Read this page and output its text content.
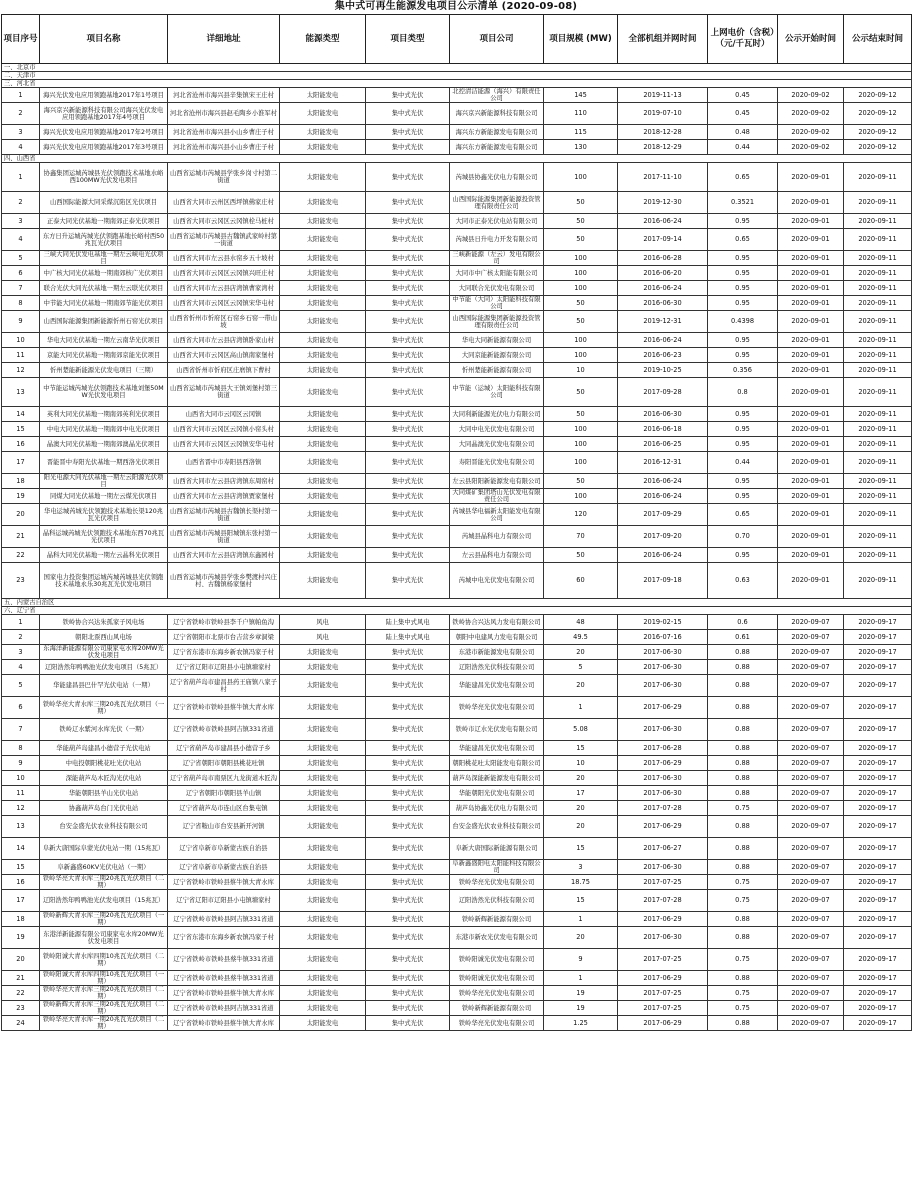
集中式可再生能源发电项目公示清单 (2020-09-08)
项目序号	项目名称	详细地址	能源类型	项目类型	项目公司	项目规模 (MW)	全部机组并网时间	上网电价（含税）（元/千瓦时）	公示开始时间	公示结束时间
一、北京市										
二、天津市										
三、河北省										
1	海兴光伏发电应用领跑基地2017年1号项目	河北省沧州市海兴县辛集镇宋王庄村	太阳能发电	集中式光伏	北控清洁能源（海兴）有限责任公司	145	2019-11-13	0.45	2020-09-02	2020-09-12
2	海兴京兴新能源科技有限公司海兴光伏发电应用领跑基地2017年4号项目	河北省沧州市海兴县赵毛陶乡小淮军村	太阳能发电	集中式光伏	海兴京兴新能源科技有限公司	110	2019-07-10	0.45	2020-09-02	2020-09-12
3	海兴光伏发电应用领跑基地2017年2号项目	河北省沧州市海兴县小山乡曹庄子村	太阳能发电	集中式光伏	海兴东方新能源发电有限公司	115	2018-12-28	0.48	2020-09-02	2020-09-12
4	海兴光伏发电应用领跑基地2017年3号项目	河北省沧州市海兴县小山乡曹庄子村	太阳能发电	集中式光伏	海兴东方新能源发电有限公司	130	2018-12-29	0.44	2020-09-02	2020-09-12
四、山西省										
1	协鑫集团运城芮城县光伏领跑技术基地水峪西100MW光伏发电项目	山西省运城市芮城县学张乡岗寸村第二街道	太阳能发电	集中式光伏	芮城县协鑫光伏电力有限公司	100	2017-11-10	0.65	2020-09-01	2020-09-11
2	山西国际能源大同采煤沉陷区光伏项目	山西省大同市云州区西坪镇佛家庄村	太阳能发电	集中式光伏	山西国际能源集团新能源投资管理有限责任公司	50	2019-12-30	0.3521	2020-09-01	2020-09-11
3	正泰大同光伏基地一期南郊正泰光伏项目	山西省大同市云冈区云冈镇栓马桩村	太阳能发电	集中式光伏	大同市正泰光伏电站有限公司	50	2016-06-24	0.95	2020-09-01	2020-09-11
4	东方日升运城芮城光伏领跑基地长峪村西50兆瓦光伏项目	山西省运城市芮城县古魏镇武家岭村第一街道	太阳能发电	集中式光伏	芮城县日升电力开发有限公司	50	2017-09-14	0.65	2020-09-01	2020-09-11
5	三峡大同光伏发电基地一期左云峡电光伏项目	山西省大同市左云县水窑乡五十坡村	太阳能发电	集中式光伏	三峡新能源（左云）发电有限公司	100	2016-06-28	0.95	2020-09-01	2020-09-11
6	中广核大同光伏基地一期南郊核广光伏项目	山西省大同市云冈区云冈镇兴旺庄村	太阳能发电	集中式光伏	大同市中广核太阳能有限公司	100	2016-06-20	0.95	2020-09-01	2020-09-11
7	联合光伏大同光伏基地一期左云联光伏项目	山西省大同市左云县店湾镇曹家湾村	太阳能发电	集中式光伏	大同联合光伏发电有限公司	100	2016-06-24	0.95	2020-09-01	2020-09-11
8	中节能大同光伏基地一期南郊节能光伏项目	山西省大同市云冈区云冈镇宋华屯村	太阳能发电	集中式光伏	中节能（大同）太阳能科技有限公司	50	2016-06-30	0.95	2020-09-01	2020-09-11
9	山西国际能源集团新能源忻州石窑光伏项目	山西省忻州市忻府区石窑乡石窑一带山坡	太阳能发电	集中式光伏	山西国际能源集团新能源投资管理有限责任公司	50	2019-12-31	0.4398	2020-09-01	2020-09-11
10	华电大同光伏基地一期左云南华光伏项目	山西省大同市左云县店湾镇卧家山村	太阳能发电	集中式光伏	华电大同新能源有限公司	100	2016-06-24	0.95	2020-09-01	2020-09-11
11	京能大同光伏基地一期南郊京能光伏项目	山西省大同市云冈区高山镇南家堡村	太阳能发电	集中式光伏	大同京能新能源有限公司	100	2016-06-23	0.95	2020-09-01	2020-09-11
12	忻州楚能新能源光伏发电项目（三期）	山西省忻州市忻府区庄磨镇下曹村	太阳能发电	集中式光伏	忻州楚能新能源有限公司	10	2019-10-25	0.356	2020-09-01	2020-09-11
13	中节能运城芮城光伏领跑技术基地刘堡50MW光伏发电项目	山西省运城市芮城县大王镇刘堡村第三街道	太阳能发电	集中式光伏	中节能（运城）太阳能科技有限公司	50	2017-09-28	0.8	2020-09-01	2020-09-11
14	英利大同光伏基地一期南郊英利光伏项目	山西省大同市云冈区云冈镇	太阳能发电	集中式光伏	大同利新能源光伏电力有限公司	50	2016-06-30	0.95	2020-09-01	2020-09-11
15	中电大同光伏基地一期南郊中电光伏项目	山西省大同市云冈区云冈镇小窑头村	太阳能发电	集中式光伏	大同中电光伏发电有限公司	100	2016-06-18	0.95	2020-09-01	2020-09-11
16	晶澳大同光伏基地一期南郊澳晶光伏项目	山西省大同市云冈区云冈镇安华屯村	太阳能发电	集中式光伏	大同晶澳光伏发电有限公司	100	2016-06-25	0.95	2020-09-01	2020-09-11
17	晋能晋中寿阳光伏基地一期西洛光伏项目	山西省晋中市寿阳县西洛镇	太阳能发电	集中式光伏	寿阳晋能光伏发电有限公司	100	2016-12-31	0.44	2020-09-01	2020-09-11
18	阳光电源大同光伏基地一期左云阳源光伏项目	山西省大同市左云县店湾镇东周窑村	太阳能发电	集中式光伏	左云县阳阳新能源发电有限公司	50	2016-06-24	0.95	2020-09-01	2020-09-11
19	同煤大同光伏基地一期左云煤光伏项目	山西省大同市左云县店湾镇贾家堡村	太阳能发电	集中式光伏	大同煤矿集团塔山光伏发电有限责任公司	100	2016-06-24	0.95	2020-09-01	2020-09-11
20	华电运城芮城光伏领跑技术基地长渠120兆瓦光伏项目	山西省运城市芮城县古魏镇长渠村第一街道	太阳能发电	集中式光伏	芮城县华电福新太阳能发电有限公司	120	2017-09-29	0.65	2020-09-01	2020-09-11
21	晶科运城芮城光伏领跑技术基地东西70兆瓦光伏项目	山西省运城市芮城县阳城镇东张村第一街道	太阳能发电	集中式光伏	芮城县晶科电力有限公司	70	2017-09-20	0.70	2020-09-01	2020-09-11
22	晶科大同光伏基地一期左云晶科光伏项目	山西省大同市左云县店湾镇东鑫园村	太阳能发电	集中式光伏	左云县晶科电力有限公司	50	2016-06-24	0.95	2020-09-01	2020-09-11
23	国家电力投资集团运城芮城芮城县光伏领跑技术基地永乐30兆瓦光伏发电项目	山西省运城市芮城县学张乡樊渡村兴庄村、古魏镇杨家堡村	太阳能发电	集中式光伏	芮城中电光伏发电有限公司	60	2017-09-18	0.63	2020-09-01	2020-09-11
五、内蒙古自治区										
六、辽宁省										
1	铁岭协合兴达朱孤家子风电场	辽宁省铁岭市铁岭县李千户镇帕鱼沟	风电	陆上集中式风电	铁岭协合兴达风力发电有限公司	48	2019-02-15	0.6	2020-09-07	2020-09-17
2	朝阳北票西山风电场	辽宁省朝阳市北票市台吉营乡章洞梁	风电	陆上集中式风电	朝阳中电建风力发电有限公司	49.5	2016-07-16	0.61	2020-09-07	2020-09-17
3	东海洋新能源有限公司康家屯水库20MW光伏发电项目	辽宁省东港市东海乡新农镇冯家子村	太阳能发电	集中式光伏	东港市新能源发电有限公司	20	2017-06-30	0.88	2020-09-07	2020-09-17
4	辽阳浩然年鸭鸭池光伏发电项目（5兆瓦）	辽宁省辽阳市辽阳县小屯镇塘家村	太阳能发电	集中式光伏	辽阳浩然光伏科技有限公司	5	2017-06-30	0.88	2020-09-07	2020-09-17
5	华能建昌县巴什罕光伏电站（一期）	辽宁省葫芦岛市建昌县药王庙镇八家子村	太阳能发电	集中式光伏	华能建昌光伏发电有限公司	20	2017-06-30	0.88	2020-09-07	2020-09-17
6	铁岭华亮大青水库三期20兆瓦光伏项目（一期）	辽宁省铁岭市铁岭县蔡牛镇大青水库	太阳能发电	集中式光伏	铁岭华亮光伏发电有限公司	1	2017-06-29	0.88	2020-09-07	2020-09-17
7	铁岭辽水紫河水库光伏（一期）	辽宁省铁岭市铁岭县阿吉镇331省道	太阳能发电	集中式光伏	铁岭市辽水光伏发电有限公司	5.08	2017-06-30	0.88	2020-09-07	2020-09-17
8	华能葫芦岛建昌小德营子光伏电站	辽宁省葫芦岛市建昌县小德营子乡	太阳能发电	集中式光伏	华能建昌光伏发电有限公司	15	2017-06-28	0.88	2020-09-07	2020-09-17
9	中电投朝阳桃花吐光伏电站	辽宁省朝阳市朝阳县桃花吐镇	太阳能发电	集中式光伏	朝阳桃花吐太阳能发电有限公司	10	2017-06-29	0.88	2020-09-07	2020-09-17
10	深能葫芦岛木匠沟光伏电站	辽宁省葫芦岛市南票区九龙街道木匠沟	太阳能发电	集中式光伏	葫芦岛深能新能源发电有限公司	20	2017-06-30	0.88	2020-09-07	2020-09-17
11	华能朝阳县羊山光伏电站	辽宁省朝阳市朝阳县羊山镇	太阳能发电	集中式光伏	华能朝阳光伏发电有限公司	17	2017-06-30	0.88	2020-09-07	2020-09-17
12	协鑫葫芦岛台门光伏电站	辽宁省葫芦岛市连山区台集屯镇	太阳能发电	集中式光伏	葫芦岛协鑫光伏电力有限公司	20	2017-07-28	0.75	2020-09-07	2020-09-17
13	台安金盛光伏农业科技有限公司	辽宁省鞍山市台安县新开河镇	太阳能发电	集中式光伏	台安金盛光伏农业科技有限公司	20	2017-06-29	0.88	2020-09-07	2020-09-17
14	阜新大唐国际阜蒙光伏电站一期（15兆瓦）	辽宁省阜新市阜新蒙古族自治县	太阳能发电	集中式光伏	阜新大唐国际新能源有限公司	15	2017-06-27	0.88	2020-09-07	2020-09-17
15	阜新鑫盛60KV光伏电站（一期）	辽宁省阜新市阜新蒙古族自治县	太阳能发电	集中式光伏	阜新鑫盛阳电太阳能科技有限公司	3	2017-06-30	0.88	2020-09-07	2020-09-17
16	铁岭华亮大青水库三期20兆瓦光伏项目（二期）	辽宁省铁岭市铁岭县蔡牛镇大青水库	太阳能发电	集中式光伏	铁岭华亮光伏发电有限公司	18.75	2017-07-25	0.75	2020-09-07	2020-09-17
17	辽阳浩然年鸭鸭池光伏发电项目（15兆瓦）	辽宁省辽阳市辽阳县小屯镇塘家村	太阳能发电	集中式光伏	辽阳浩然光伏科技有限公司	15	2017-07-28	0.75	2020-09-07	2020-09-17
18	铁岭新辉大青水库三期20兆瓦光伏项目（一期）	辽宁省铁岭市铁岭县阿吉镇331省道	太阳能发电	集中式光伏	铁岭新辉新能源有限公司	1	2017-06-29	0.88	2020-09-07	2020-09-17
19	东港洋新能源有限公司康家屯水库20MW光伏发电项目	辽宁省东港市东海乡新农镇冯家子村	太阳能发电	集中式光伏	东港市新农光伏发电有限公司	20	2017-06-30	0.88	2020-09-07	2020-09-17
20	铁岭阳诚大青水库四期10兆瓦光伏项目（二期）	辽宁省铁岭市铁岭县蔡牛镇331省道	太阳能发电	集中式光伏	铁岭阳诚光伏发电有限公司	9	2017-07-25	0.75	2020-09-07	2020-09-17
21	铁岭阳诚大青水库四期10兆瓦光伏项目（一期）	辽宁省铁岭市铁岭县蔡牛镇331省道	太阳能发电	集中式光伏	铁岭阳诚光伏发电有限公司	1	2017-06-29	0.88	2020-09-07	2020-09-17
22	铁岭华亮大青水库三期20兆瓦光伏项目（二期）	辽宁省铁岭市铁岭县蔡牛镇大青水库	太阳能发电	集中式光伏	铁岭华亮光伏发电有限公司	19	2017-07-25	0.75	2020-09-07	2020-09-17
23	铁岭新辉大青水库三期20兆瓦光伏项目（二期）	辽宁省铁岭市铁岭县阿吉镇331省道	太阳能发电	集中式光伏	铁岭新辉新能源有限公司	19	2017-07-25	0.75	2020-09-07	2020-09-17
24	铁岭华亮大青水库一期20兆瓦光伏项目（二期）	辽宁省铁岭市铁岭县蔡牛镇大青水库	太阳能发电	集中式光伏	铁岭华亮光伏发电有限公司	1.25	2017-06-29	0.88	2020-09-07	2020-09-17
